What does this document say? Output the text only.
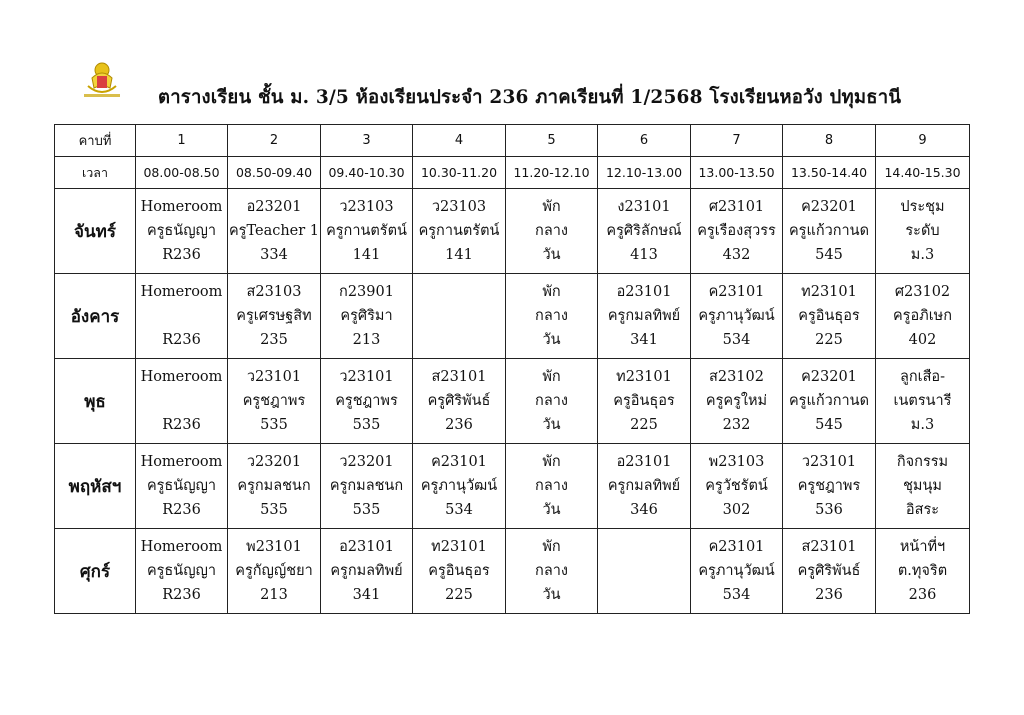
ตารางเรียน ชั้น ม. 3/5 ห้องเรียนประจำ 236 ภาคเรียนที่ 1/2568 โรงเรียนหอวัง ปทุมธานี
คาบที่	1	2	3	4	5	6	7	8	9
เวลา	08.00-08.50	08.50-09.40	09.40-10.30	10.30-11.20	11.20-12.10	12.10-13.00	13.00-13.50	13.50-14.40	14.40-15.30
จันทร์	Homeroom
ครูธนัญญา
R236	อ23201
ครูTeacher 1
334	ว23103
ครูกานตรัตน์
141	ว23103
ครูกานตรัตน์
141	พัก
กลาง
วัน	ง23101
ครูศิริลักษณ์
413	ศ23101
ครูเรืองสุวรร
432	ค23201
ครูแก้วกานด
545	ประชุม
ระดับ
ม.3

อังคาร	Homeroom
R236	ส23103
ครูเศรษฐสิท
235	ก23901
ครูศิริมา
213		พัก
กลาง
วัน	อ23101
ครูกมลทิพย์
341	ค23101
ครูภานุวัฒน์
534	ท23101
ครูอินธุอร
225	ศ23102
ครูอภิเษก
402

พุธ	Homeroom
R236	ว23101
ครูชฎาพร
535	ว23101
ครูชฎาพร
535	ส23101
ครูศิริพันธ์
236	พัก
กลาง
วัน	ท23101
ครูอินธุอร
225	ส23102
ครูครูใหม่
232	ค23201
ครูแก้วกานด
545	ลูกเสือ-
เนตรนารี
ม.3

พฤหัสฯ	Homeroom
ครูธนัญญา
R236	ว23201
ครูกมลชนก
535	ว23201
ครูกมลชนก
535	ค23101
ครูภานุวัฒน์
534	พัก
กลาง
วัน	อ23101
ครูกมลทิพย์
346	พ23103
ครูวัชรัตน์
302	ว23101
ครูชฎาพร
536	กิจกรรม
ชุมนุม
อิสระ

ศุกร์	Homeroom
ครูธนัญญา
R236	พ23101
ครูกัญญ์ชยา
213	อ23101
ครูกมลทิพย์
341	ท23101
ครูอินธุอร
225	พัก
กลาง
วัน		ค23101
ครูภานุวัฒน์
534	ส23101
ครูศิริพันธ์
236	หน้าที่ฯ
ต.ทุจริต
236
